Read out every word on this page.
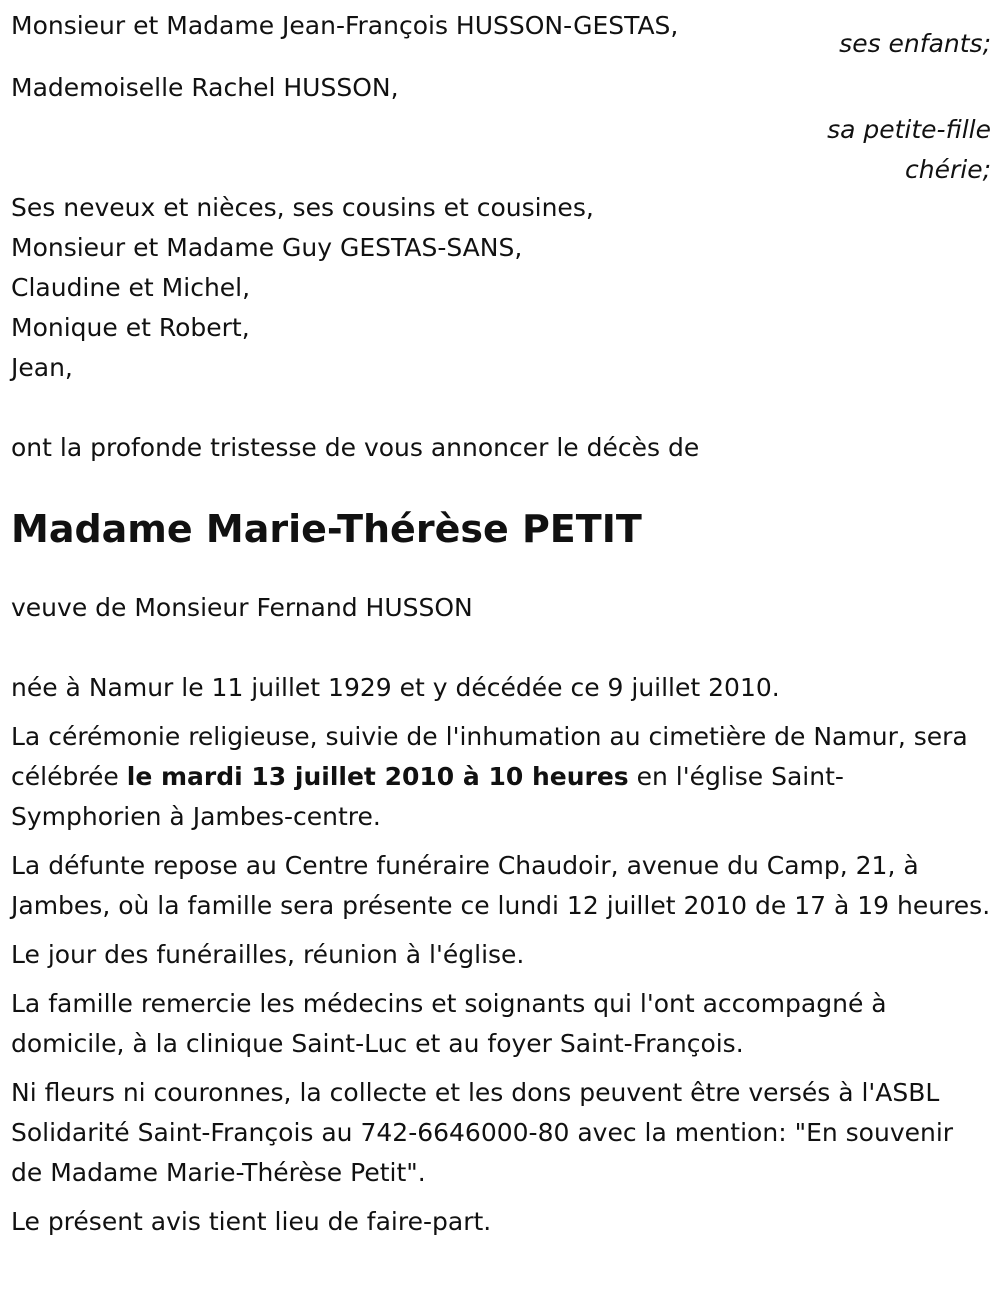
Monsieur et Madame Jean-François HUSSON-GESTAS,
ses enfants;
Mademoiselle Rachel HUSSON,
sa petite-fille
chérie;
Ses neveux et nièces, ses cousins et cousines,
Monsieur et Madame Guy GESTAS-SANS,
Claudine et Michel,
Monique et Robert,
Jean,
ont la profonde tristesse de vous annoncer le décès de
Madame Marie-Thérèse PETIT
veuve de Monsieur Fernand HUSSON

née à Namur le 11 juillet 1929 et y décédée ce 9 juillet 2010.

La cérémonie religieuse, suivie de l'inhumation au cimetière de Namur, sera célébrée le mardi 13 juillet 2010 à 10 heures en l'église Saint-Symphorien à Jambes-centre.

La défunte repose au Centre funéraire Chaudoir, avenue du Camp, 21, à Jambes, où la famille sera présente ce lundi 12 juillet 2010 de 17 à 19 heures.

Le jour des funérailles, réunion à l'église.

La famille remercie les médecins et soignants qui l'ont accompagné à domicile, à la clinique Saint-Luc et au foyer Saint-François.

Ni fleurs ni couronnes, la collecte et les dons peuvent être versés à l'ASBL Solidarité Saint-François au 742-6646000-80 avec la mention: "En souvenir de Madame Marie-Thérèse Petit".

Le présent avis tient lieu de faire-part.
